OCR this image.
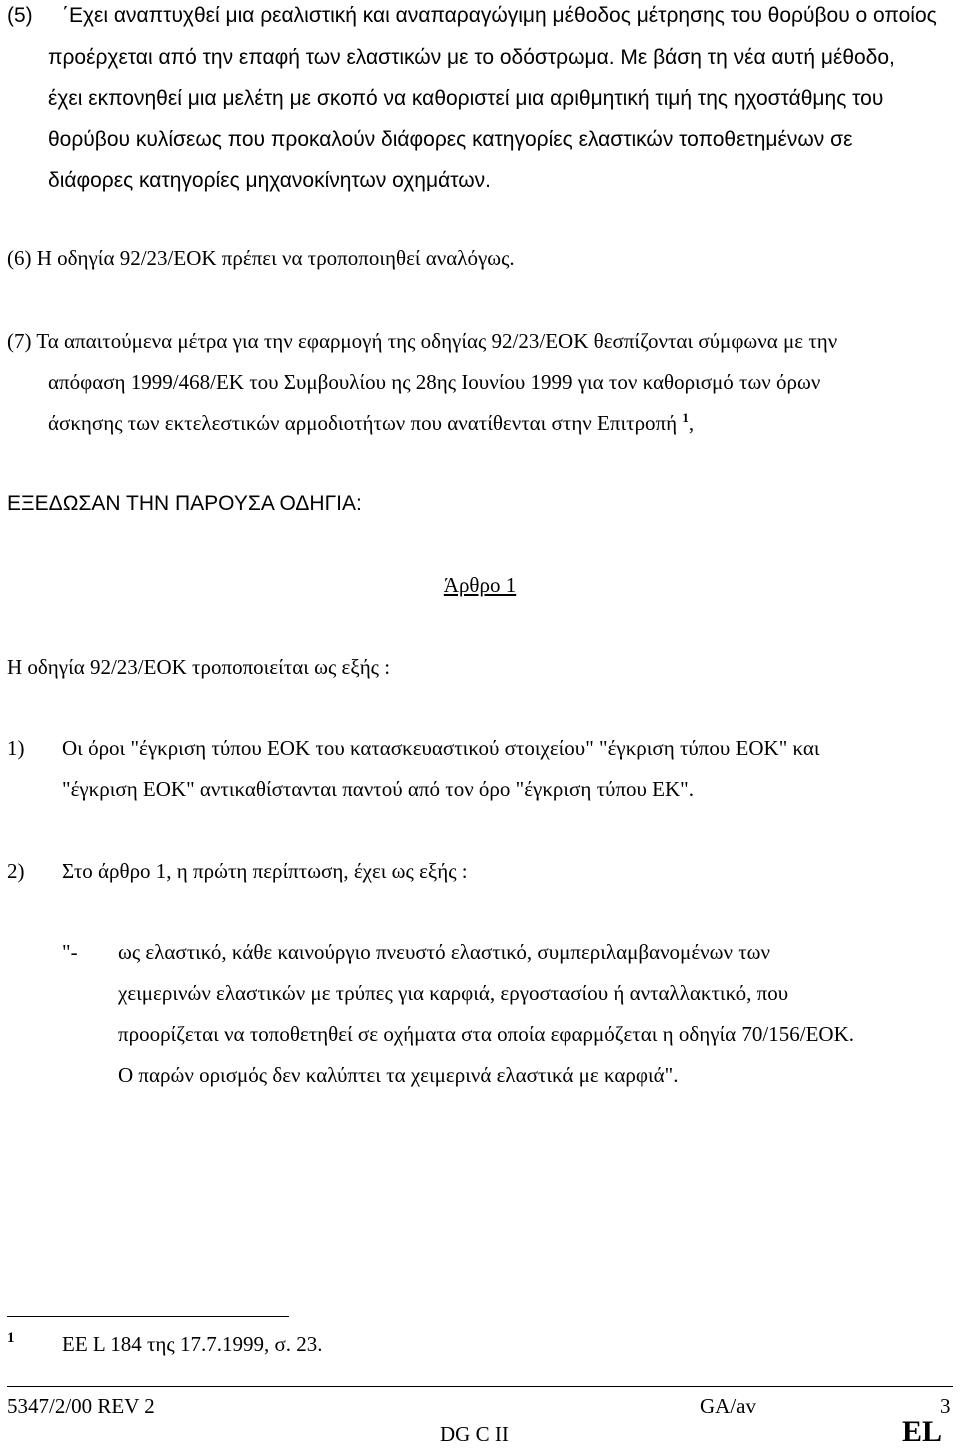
(5) ΄Εχει αναπτυχθεί μια ρεαλιστική και αναπαραγώγιμη μέθοδος μέτρησης του θορύβου ο οποίος
προέρχεται από την επαφή των ελαστικών με το οδόστρωμα. Με βάση τη νέα αυτή μέθοδο,
έχει εκπονηθεί μια μελέτη με σκοπό να καθοριστεί μια αριθμητική τιμή της ηχοστάθμης του
θορύβου κυλίσεως που προκαλούν διάφορες κατηγορίες ελαστικών τοποθετημένων σε
διάφορες κατηγορίες μηχανοκίνητων οχημάτων.
(6) Η οδηγία 92/23/ΕΟΚ πρέπει να τροποποιηθεί αναλόγως.
(7) Τα απαιτούμενα μέτρα για την εφαρμογή της οδηγίας 92/23/ΕΟΚ θεσπίζονται σύμφωνα με την
απόφαση 1999/468/ΕΚ του Συμβουλίου ης 28ης Ιουνίου 1999 για τον καθορισμό των όρων
άσκησης των εκτελεστικών αρμοδιοτήτων που ανατίθενται στην Επιτροπή $^1$,
ΕΞΕΔΩΣΑΝ ΤΗΝ ΠΑΡΟΥΣΑ ΟΔΗΓΙΑ:
Άρθρο 1
Η οδηγία 92/23/ΕΟΚ τροποποιείται ως εξής :
1) Οι όροι "έγκριση τύπου ΕΟΚ του κατασκευαστικού στοιχείου" "έγκριση τύπου ΕΟΚ" και
"έγκριση ΕΟΚ" αντικαθίστανται παντού από τον όρο "έγκριση τύπου ΕΚ".
2) Στο άρθρο 1, η πρώτη περίπτωση, έχει ως εξής :
"- ως ελαστικό, κάθε καινούργιο πνευστό ελαστικό, συμπεριλαμβανομένων των
χειμερινών ελαστικών με τρύπες για καρφιά, εργοστασίου ή ανταλλακτικό, που
προορίζεται να τοποθετηθεί σε οχήματα στα οποία εφαρμόζεται η οδηγία 70/156/ΕΟΚ.
Ο παρών ορισμός δεν καλύπτει τα χειμερινά ελαστικά με καρφιά".
1 ΕΕ L 184 της 17.7.1999, σ. 23.
5347/2/00 REV 2	GA/av	3
DG C II	EL
